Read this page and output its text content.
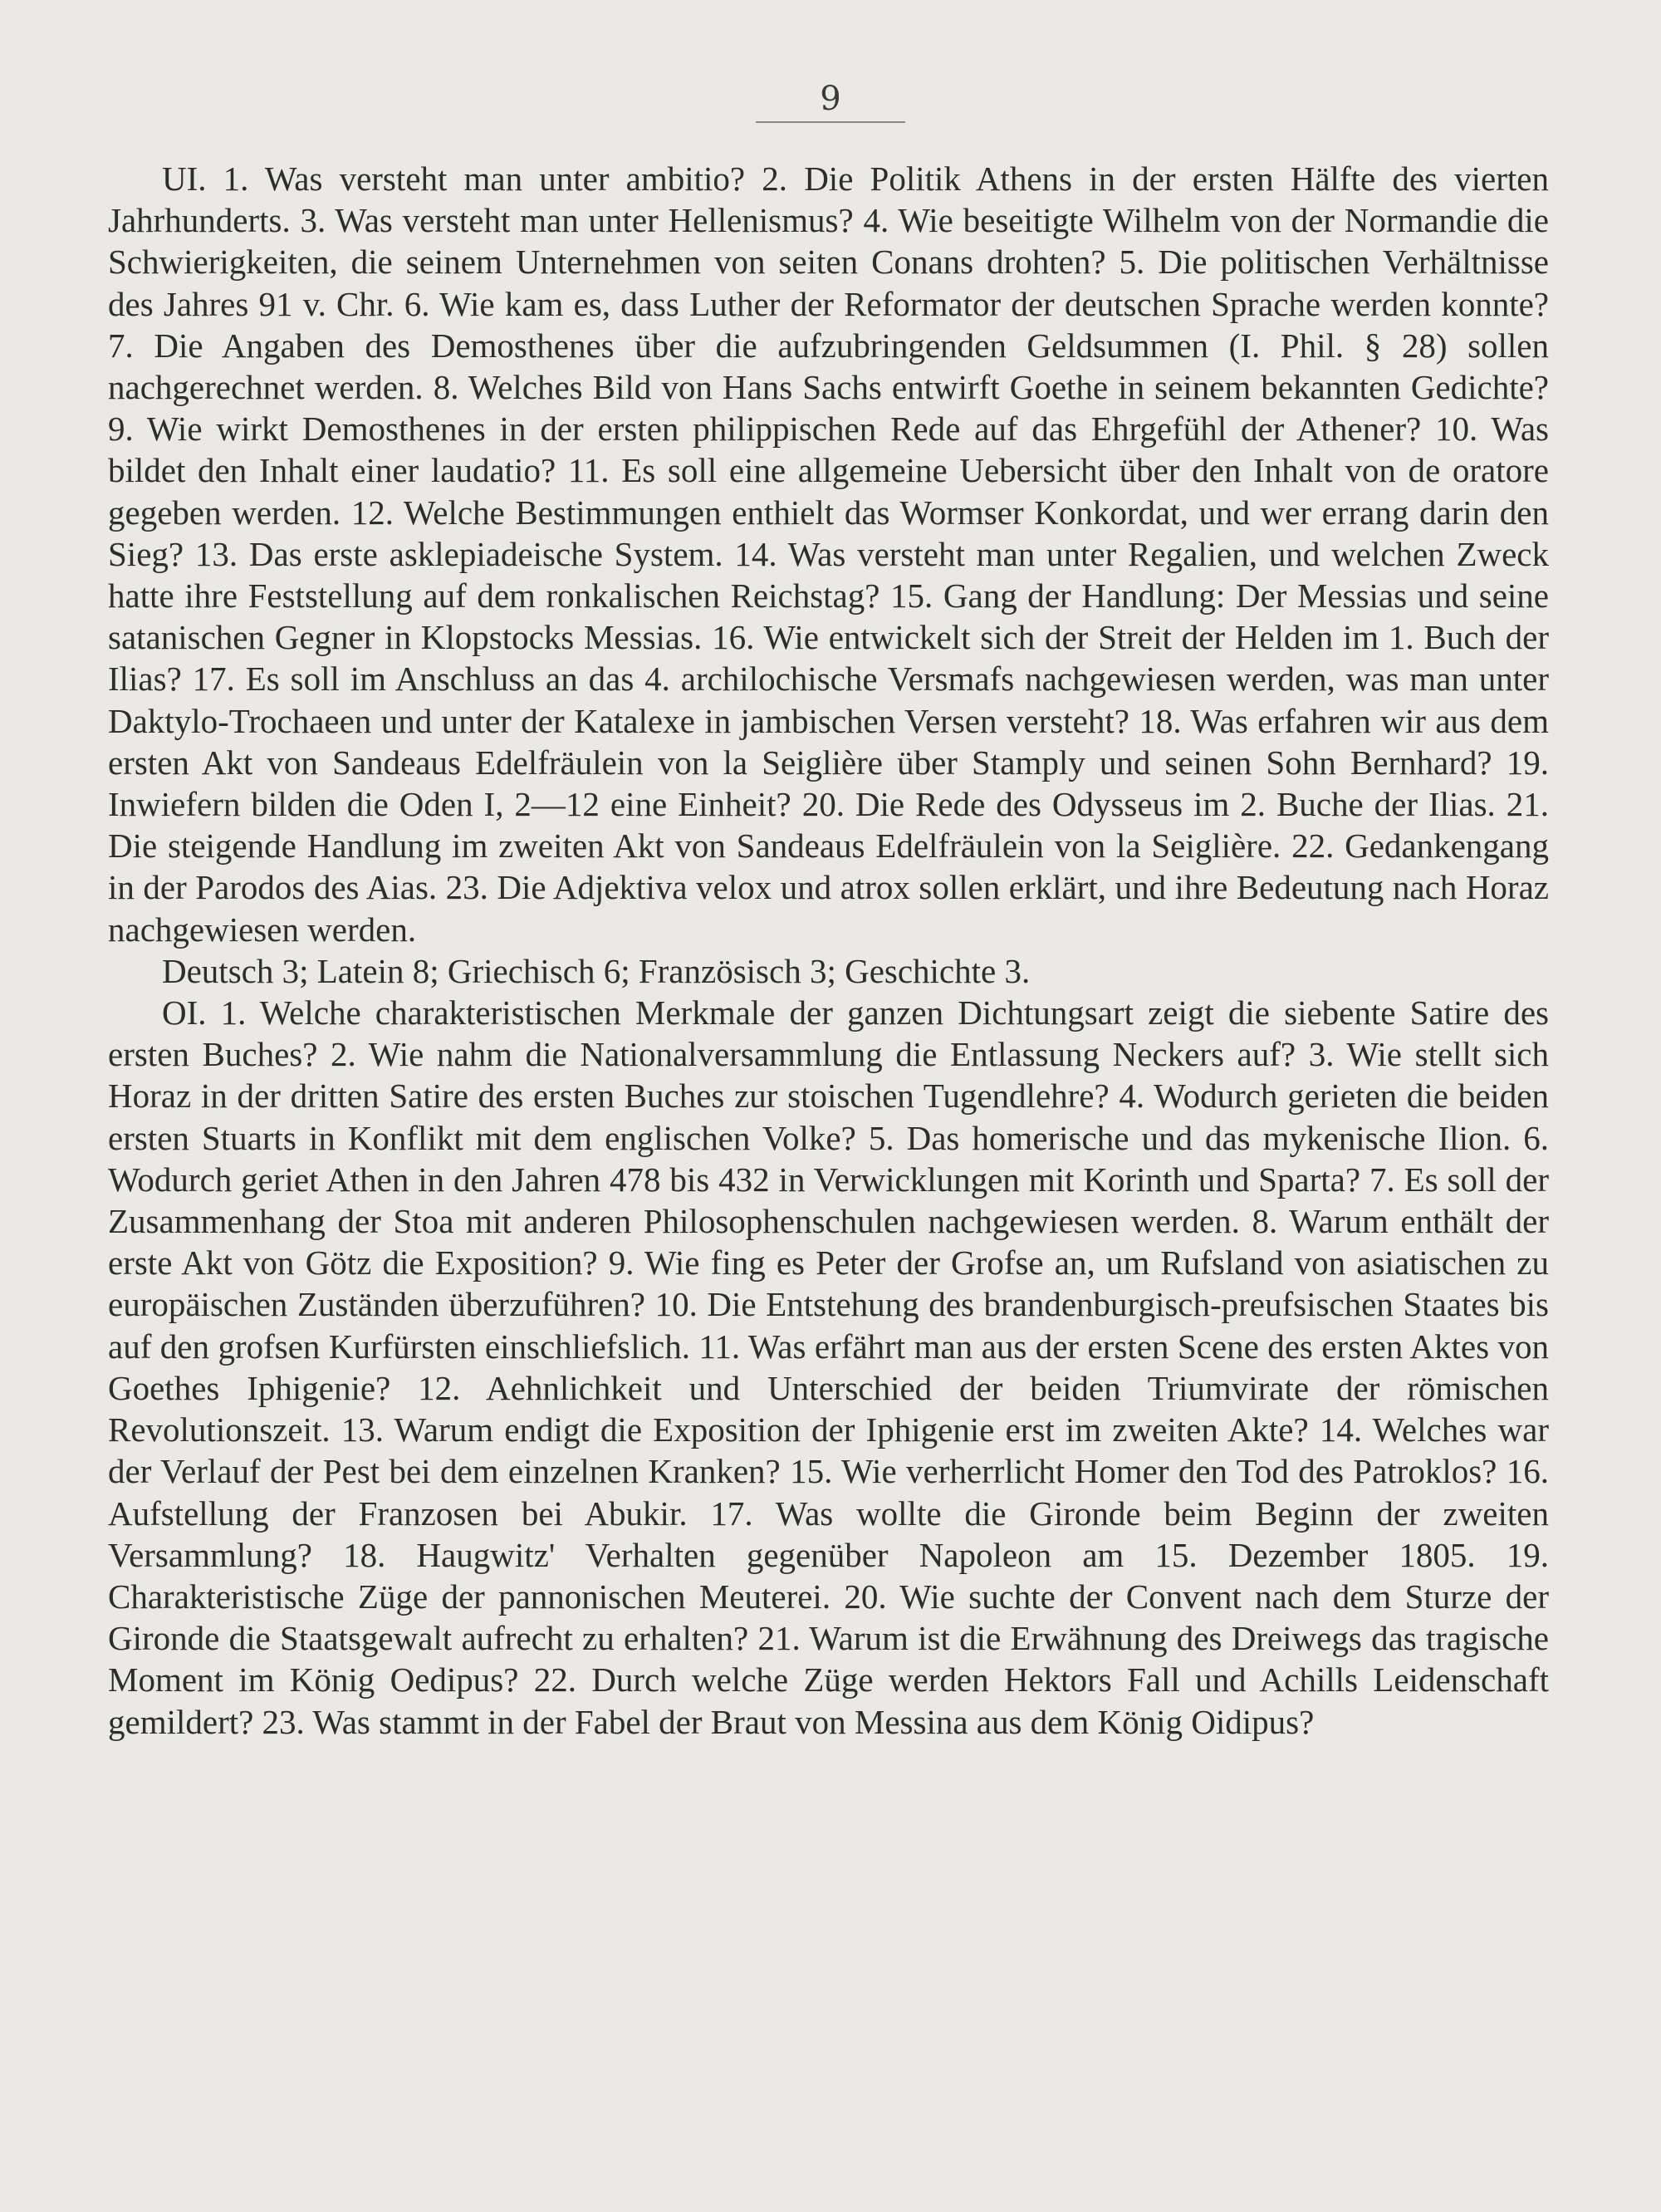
9

UI. 1. Was versteht man unter ambitio? 2. Die Politik Athens in der ersten Hälfte des vierten Jahrhunderts. 3. Was versteht man unter Hellenismus? 4. Wie beseitigte Wilhelm von der Normandie die Schwierigkeiten, die seinem Unternehmen von seiten Conans drohten? 5. Die politischen Verhältnisse des Jahres 91 v. Chr. 6. Wie kam es, dass Luther der Reformator der deutschen Sprache werden konnte? 7. Die Angaben des Demosthenes über die aufzubringenden Geldsummen (I. Phil. § 28) sollen nachgerechnet werden. 8. Welches Bild von Hans Sachs entwirft Goethe in seinem bekannten Gedichte? 9. Wie wirkt Demosthenes in der ersten philippischen Rede auf das Ehrgefühl der Athener? 10. Was bildet den Inhalt einer laudatio? 11. Es soll eine allgemeine Uebersicht über den Inhalt von de oratore gegeben werden. 12. Welche Bestimmungen enthielt das Wormser Konkordat, und wer errang darin den Sieg? 13. Das erste asklepiadeische System. 14. Was versteht man unter Regalien, und welchen Zweck hatte ihre Feststellung auf dem ronkalischen Reichstag? 15. Gang der Handlung: Der Messias und seine satanischen Gegner in Klopstocks Messias. 16. Wie entwickelt sich der Streit der Helden im 1. Buch der Ilias? 17. Es soll im Anschluss an das 4. archilochische Versmafs nachgewiesen werden, was man unter Daktylo-Trochaeen und unter der Katalexe in jambischen Versen versteht? 18. Was erfahren wir aus dem ersten Akt von Sandeaus Edelfräulein von la Seiglière über Stamply und seinen Sohn Bernhard? 19. Inwiefern bilden die Oden I, 2—12 eine Einheit? 20. Die Rede des Odysseus im 2. Buche der Ilias. 21. Die steigende Handlung im zweiten Akt von Sandeaus Edelfräulein von la Seiglière. 22. Gedankengang in der Parodos des Aias. 23. Die Adjektiva velox und atrox sollen erklärt, und ihre Bedeutung nach Horaz nachgewiesen werden.

Deutsch 3; Latein 8; Griechisch 6; Französisch 3; Geschichte 3.

OI. 1. Welche charakteristischen Merkmale der ganzen Dichtungsart zeigt die siebente Satire des ersten Buches? 2. Wie nahm die Nationalversammlung die Entlassung Neckers auf? 3. Wie stellt sich Horaz in der dritten Satire des ersten Buches zur stoischen Tugendlehre? 4. Wodurch gerieten die beiden ersten Stuarts in Konflikt mit dem englischen Volke? 5. Das homerische und das mykenische Ilion. 6. Wodurch geriet Athen in den Jahren 478 bis 432 in Verwicklungen mit Korinth und Sparta? 7. Es soll der Zusammenhang der Stoa mit anderen Philosophenschulen nachgewiesen werden. 8. Warum enthält der erste Akt von Götz die Exposition? 9. Wie fing es Peter der Grofse an, um Rufsland von asiatischen zu europäischen Zuständen überzuführen? 10. Die Entstehung des brandenburgisch-preufsischen Staates bis auf den grofsen Kurfürsten einschliefslich. 11. Was erfährt man aus der ersten Scene des ersten Aktes von Goethes Iphigenie? 12. Aehnlichkeit und Unterschied der beiden Triumvirate der römischen Revolutionszeit. 13. Warum endigt die Exposition der Iphigenie erst im zweiten Akte? 14. Welches war der Verlauf der Pest bei dem einzelnen Kranken? 15. Wie verherrlicht Homer den Tod des Patroklos? 16. Aufstellung der Franzosen bei Abukir. 17. Was wollte die Gironde beim Beginn der zweiten Versammlung? 18. Haugwitz' Verhalten gegenüber Napoleon am 15. Dezember 1805. 19. Charakteristische Züge der pannonischen Meuterei. 20. Wie suchte der Convent nach dem Sturze der Gironde die Staatsgewalt aufrecht zu erhalten? 21. Warum ist die Erwähnung des Dreiwegs das tragische Moment im König Oedipus? 22. Durch welche Züge werden Hektors Fall und Achills Leidenschaft gemildert? 23. Was stammt in der Fabel der Braut von Messina aus dem König Oidipus?
